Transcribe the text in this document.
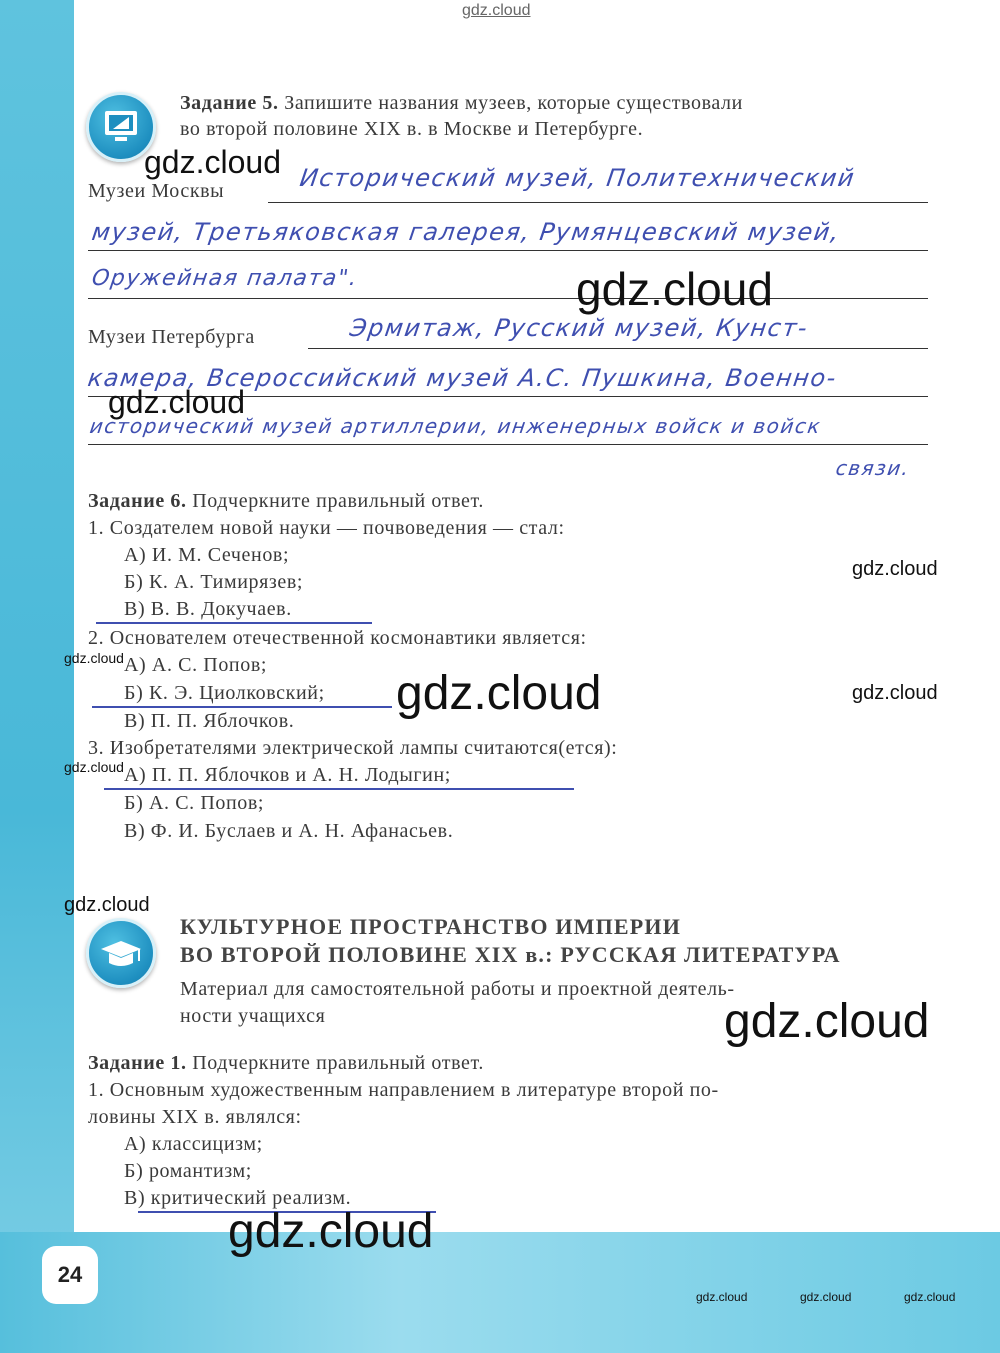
gdz.cloud
Задание 5. Запишите названия музеев, которые существовали
во второй половине XIX в. в Москве и Петербурге.
Музеи Москвы	Исторический музей, Политехнический
музей, Третьяковская галерея, Румянцевский музей,
Оружейная палата".
Музеи Петербурга	Эрмитаж, Русский музей, Кунст-
камера, Всероссийский музей А.С. Пушкина, Военно-
исторический музей артиллерии, инженерных войск и войск
связи.
Задание 6. Подчеркните правильный ответ.
1. Создателем новой науки — почвоведения — стал:
А) И. М. Сеченов;
Б) К. А. Тимирязев;
В) В. В. Докучаев.
2. Основателем отечественной космонавтики является:
А) А. С. Попов;
Б) К. Э. Циолковский;
В) П. П. Яблочков.
3. Изобретателями электрической лампы считаются(ется):
А) П. П. Яблочков и А. Н. Лодыгин;
Б) А. С. Попов;
В) Ф. И. Буслаев и А. Н. Афанасьев.
КУЛЬТУРНОЕ ПРОСТРАНСТВО ИМПЕРИИ
ВО ВТОРОЙ ПОЛОВИНЕ XIX в.: РУССКАЯ ЛИТЕРАТУРА
Материал для самостоятельной работы и проектной деятель-
ности учащихся
Задание 1. Подчеркните правильный ответ.
1. Основным художественным направлением в литературе второй по-
ловины XIX в. являлся:
А) классицизм;
Б) романтизм;
В) критический реализм.
24
gdz.cloud
gdz.cloud
gdz.cloud
gdz.cloud
gdz.cloud
gdz.cloud	gdz.cloud
gdz.cloud
gdz.cloud
gdz.cloud
gdz.cloud
gdz.cloud	gdz.cloud	gdz.cloud
